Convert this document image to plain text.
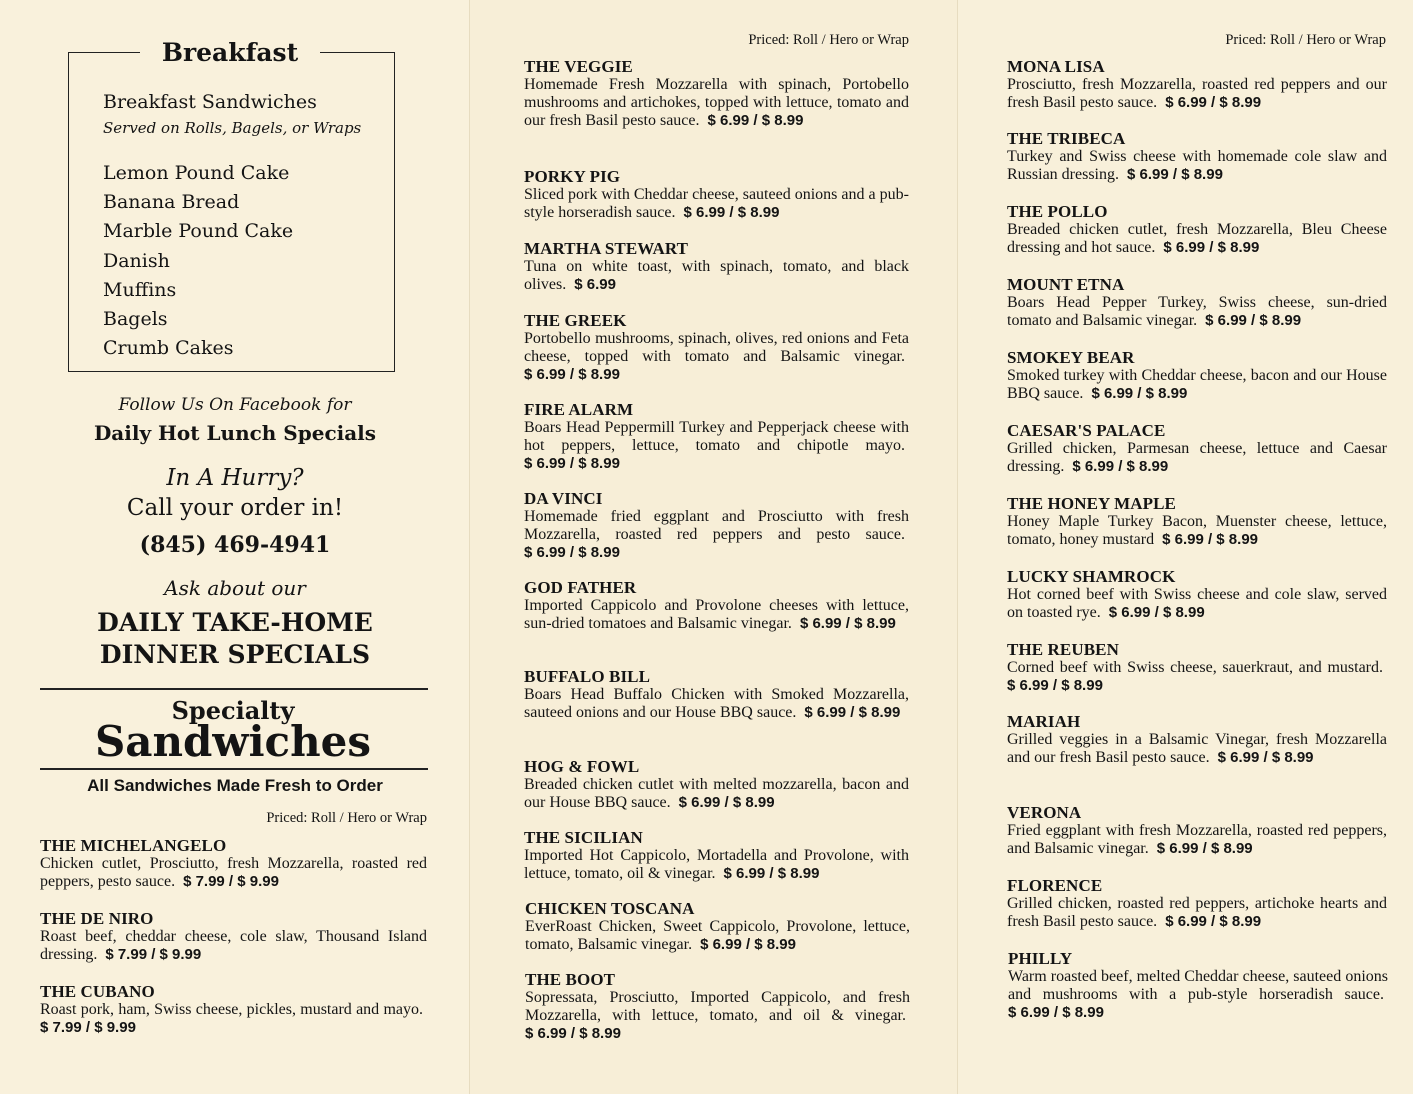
Breakfast
Breakfast Sandwiches
Served on Rolls, Bagels, or Wraps
Lemon Pound Cake
Banana Bread
Marble Pound Cake
Danish
Muffins
Bagels
Crumb Cakes
Follow Us On Facebook for
Daily Hot Lunch Specials
In A Hurry?
Call your order in!
(845) 469-4941
Ask about our
DAILY TAKE-HOME
DINNER SPECIALS
Specialty
Sandwiches
All Sandwiches Made Fresh to Order
Priced: Roll / Hero or Wrap
THE MICHELANGELO
Chicken cutlet, Prosciutto, fresh Mozzarella, roasted red peppers, pesto sauce. $ 7.99 / $ 9.99
THE DE NIRO
Roast beef, cheddar cheese, cole slaw, Thousand Island dressing. $ 7.99 / $ 9.99
THE CUBANO
Roast pork, ham, Swiss cheese, pickles, mustard and mayo.  $ 7.99 / $ 9.99
Priced: Roll / Hero or Wrap
THE VEGGIE
Homemade Fresh Mozzarella with spinach, Portobello mushrooms and artichokes, topped with lettuce, tomato and our fresh Basil pesto sauce. $ 6.99 / $ 8.99
PORKY PIG
Sliced pork with Cheddar cheese, sauteed onions and a pub-style horseradish sauce. $ 6.99 / $ 8.99
MARTHA STEWART
Tuna on white toast, with spinach, tomato, and black olives. $ 6.99
THE GREEK
Portobello mushrooms, spinach, olives, red onions and Feta cheese, topped with tomato and Balsamic vinegar.  $ 6.99 / $ 8.99
FIRE ALARM
Boars Head Peppermill Turkey and Pepperjack cheese with hot peppers, lettuce, tomato and chipotle mayo.  $ 6.99 / $ 8.99
DA VINCI
Homemade fried eggplant and Prosciutto with fresh Mozzarella, roasted red peppers and pesto sauce.  $ 6.99 / $ 8.99
GOD FATHER
Imported Cappicolo and Provolone cheeses with lettuce, sun-dried tomatoes and Balsamic vinegar. $ 6.99 / $ 8.99
BUFFALO BILL
Boars Head Buffalo Chicken with Smoked Mozzarella, sauteed onions and our House BBQ sauce. $ 6.99 / $ 8.99
HOG & FOWL
Breaded chicken cutlet with melted mozzarella, bacon and our House BBQ sauce. $ 6.99 / $ 8.99
THE SICILIAN
Imported Hot Cappicolo, Mortadella and Provolone, with lettuce, tomato, oil & vinegar. $ 6.99 / $ 8.99
CHICKEN TOSCANA
EverRoast Chicken, Sweet Cappicolo, Provolone, lettuce, tomato, Balsamic vinegar. $ 6.99 / $ 8.99
THE BOOT
Sopressata, Prosciutto, Imported Cappicolo, and fresh Mozzarella, with lettuce, tomato, and oil & vinegar.  $ 6.99 / $ 8.99
Priced: Roll / Hero or Wrap
MONA LISA
Prosciutto, fresh Mozzarella, roasted red peppers and our fresh Basil pesto sauce. $ 6.99 / $ 8.99
THE TRIBECA
Turkey and Swiss cheese with homemade cole slaw and Russian dressing. $ 6.99 / $ 8.99
THE POLLO
Breaded chicken cutlet, fresh Mozzarella, Bleu Cheese dressing and hot sauce. $ 6.99 / $ 8.99
MOUNT ETNA
Boars Head Pepper Turkey, Swiss cheese, sun-dried tomato and Balsamic vinegar. $ 6.99 / $ 8.99
SMOKEY BEAR
Smoked turkey with Cheddar cheese, bacon and our House BBQ sauce. $ 6.99 / $ 8.99
CAESAR'S PALACE
Grilled chicken, Parmesan cheese, lettuce and Caesar dressing. $ 6.99 / $ 8.99
THE HONEY MAPLE
Honey Maple Turkey Bacon, Muenster cheese, lettuce, tomato, honey mustard $ 6.99 / $ 8.99
LUCKY SHAMROCK
Hot corned beef with Swiss cheese and cole slaw, served on toasted rye. $ 6.99 / $ 8.99
THE REUBEN
Corned beef with Swiss cheese, sauerkraut, and mustard.  $ 6.99 / $ 8.99
MARIAH
Grilled veggies in a Balsamic Vinegar, fresh Mozzarella and our fresh Basil pesto sauce. $ 6.99 / $ 8.99
VERONA
Fried eggplant with fresh Mozzarella, roasted red peppers, and Balsamic vinegar. $ 6.99 / $ 8.99
FLORENCE
Grilled chicken, roasted red peppers, artichoke hearts and fresh Basil pesto sauce. $ 6.99 / $ 8.99
PHILLY
Warm roasted beef, melted Cheddar cheese, sauteed onions and mushrooms with a pub-style horseradish sauce.  $ 6.99 / $ 8.99
